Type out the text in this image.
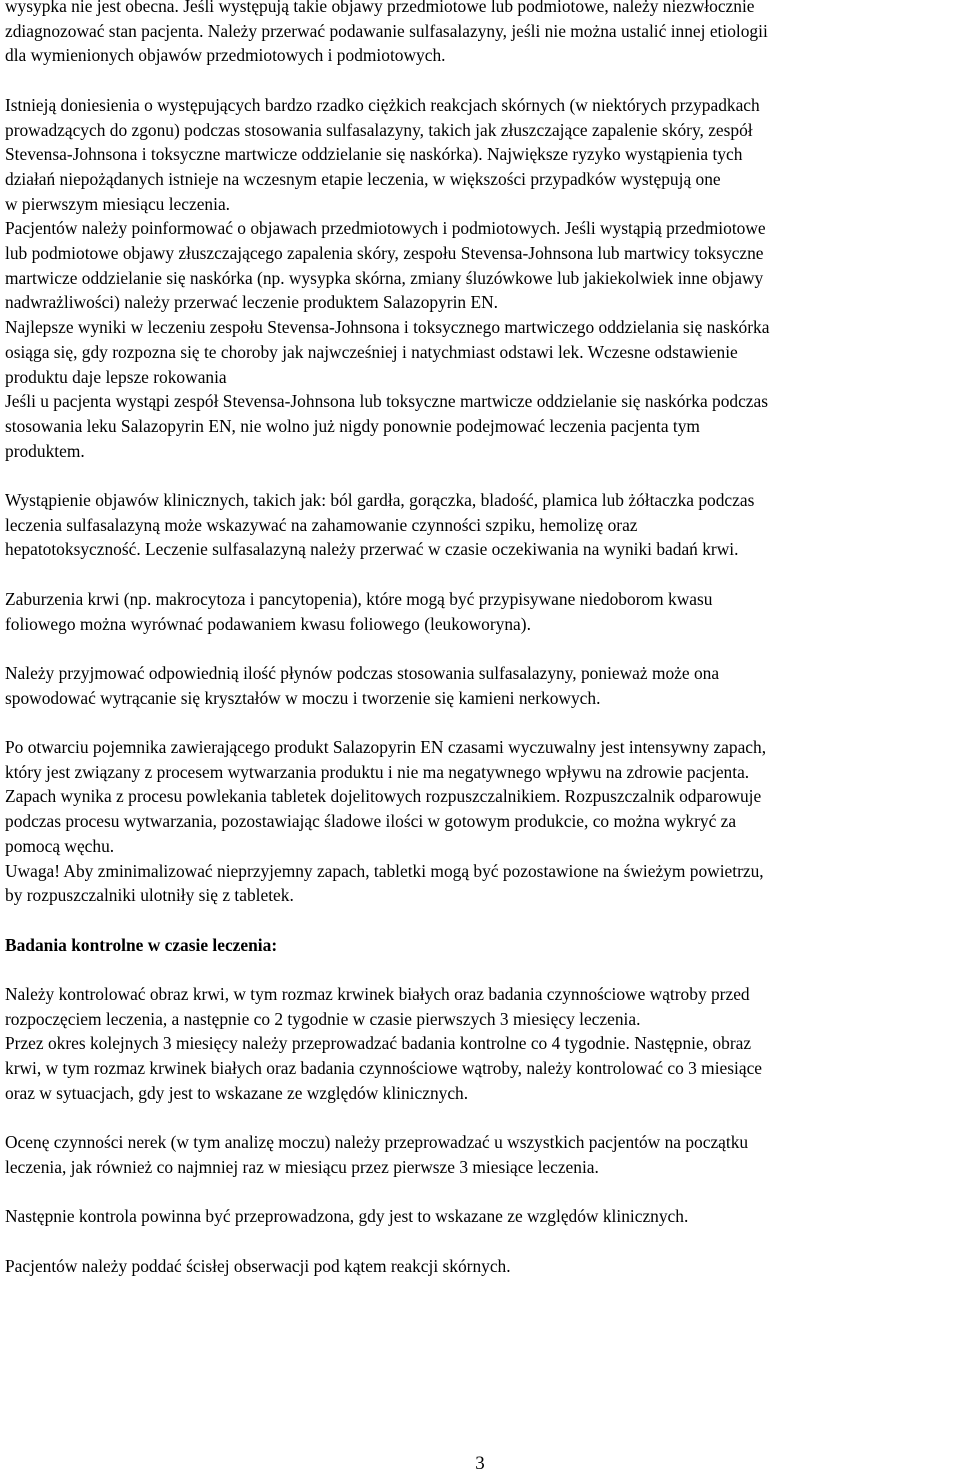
wysypka nie jest obecna. Jeśli występują takie objawy przedmiotowe lub podmiotowe, należy niezwłocznie
zdiagnozować stan pacjenta. Należy przerwać podawanie sulfasalazyny, jeśli nie można ustalić innej etiologii
dla wymienionych objawów przedmiotowych i podmiotowych.

Istnieją doniesienia o występujących bardzo rzadko ciężkich reakcjach skórnych (w niektórych przypadkach
prowadzących do zgonu) podczas stosowania sulfasalazyny, takich jak złuszczające zapalenie skóry, zespół
Stevensa-Johnsona i toksyczne martwicze oddzielanie się naskórka). Największe ryzyko wystąpienia tych
działań niepożądanych istnieje na wczesnym etapie leczenia, w większości przypadków występują one
w pierwszym miesiącu leczenia.
Pacjentów należy poinformować o objawach przedmiotowych i podmiotowych. Jeśli wystąpią przedmiotowe
lub podmiotowe objawy złuszczającego zapalenia skóry, zespołu Stevensa-Johnsona lub martwicy toksyczne
martwicze oddzielanie się naskórka (np. wysypka skórna, zmiany śluzówkowe lub jakiekolwiek inne objawy
nadwrażliwości) należy przerwać leczenie produktem Salazopyrin EN.
Najlepsze wyniki w leczeniu zespołu Stevensa-Johnsona i toksycznego martwiczego oddzielania się naskórka
osiąga się, gdy rozpozna się te choroby jak najwcześniej i natychmiast odstawi lek. Wczesne odstawienie
produktu daje lepsze rokowania
Jeśli u pacjenta wystąpi zespół Stevensa-Johnsona lub toksyczne martwicze oddzielanie się naskórka podczas
stosowania leku Salazopyrin EN, nie wolno już nigdy ponownie podejmować leczenia pacjenta tym
produktem.

Wystąpienie objawów klinicznych, takich jak: ból gardła, gorączka, bladość, plamica lub żółtaczka podczas
leczenia sulfasalazyną może wskazywać na zahamowanie czynności szpiku, hemolizę oraz
hepatotoksyczność. Leczenie sulfasalazyną należy przerwać w czasie oczekiwania na wyniki badań krwi.

Zaburzenia krwi (np. makrocytoza i pancytopenia), które mogą być przypisywane niedoborom kwasu
foliowego można wyrównać podawaniem kwasu foliowego (leukoworyna).

Należy przyjmować odpowiednią ilość płynów podczas stosowania sulfasalazyny, ponieważ może ona
spowodować wytrącanie się kryształów w moczu i tworzenie się kamieni nerkowych.

Po otwarciu pojemnika zawierającego produkt Salazopyrin EN czasami wyczuwalny jest intensywny zapach,
który jest związany z procesem wytwarzania produktu i nie ma negatywnego wpływu na zdrowie pacjenta.
Zapach wynika z procesu powlekania tabletek dojelitowych rozpuszczalnikiem. Rozpuszczalnik odparowuje
podczas procesu wytwarzania, pozostawiając śladowe ilości w gotowym produkcie, co można wykryć za
pomocą węchu.
Uwaga! Aby zminimalizować nieprzyjemny zapach, tabletki mogą być pozostawione na świeżym powietrzu,
by rozpuszczalniki ulotniły się z tabletek.

Badania kontrolne w czasie leczenia:

Należy kontrolować obraz krwi, w tym rozmaz krwinek białych oraz badania czynnościowe wątroby przed
rozpoczęciem leczenia, a następnie co 2 tygodnie w czasie pierwszych 3 miesięcy leczenia.
Przez okres kolejnych 3 miesięcy należy przeprowadzać badania kontrolne co 4 tygodnie. Następnie, obraz
krwi, w tym rozmaz krwinek białych oraz badania czynnościowe wątroby, należy kontrolować co 3 miesiące
oraz w sytuacjach, gdy jest to wskazane ze względów klinicznych.

Ocenę czynności nerek (w tym analizę moczu) należy przeprowadzać u wszystkich pacjentów na początku
leczenia, jak również co najmniej raz w miesiącu przez pierwsze 3 miesiące leczenia.

Następnie kontrola powinna być przeprowadzona, gdy jest to wskazane ze względów klinicznych.

Pacjentów należy poddać ścisłej obserwacji pod kątem reakcji skórnych.

3
